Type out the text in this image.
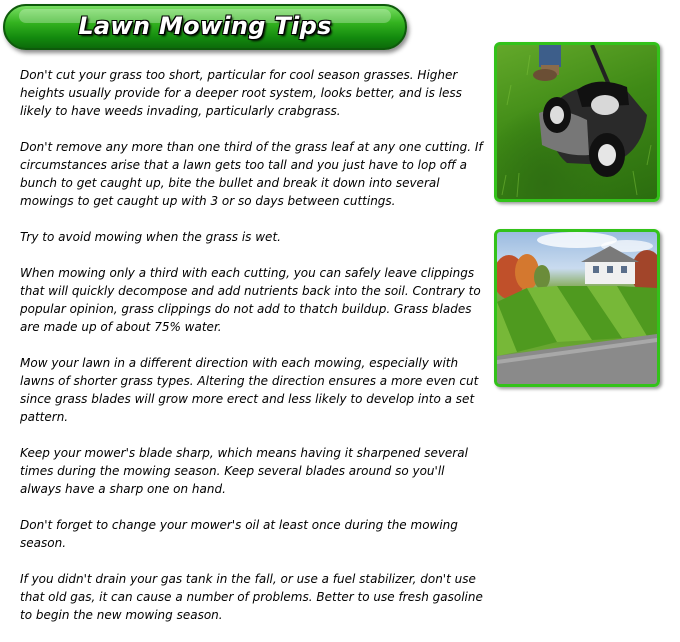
Lawn Mowing Tips

Don't cut your grass too short, particular for cool season grasses. Higher heights usually provide for a deeper root system, looks better, and is less likely to have weeds invading, particularly crabgrass.

Don't remove any more than one third of the grass leaf at any one cutting. If circumstances arise that a lawn gets too tall and you just have to lop off a bunch to get caught up, bite the bullet and break it down into several mowings to get caught up with 3 or so days between cuttings.

Try to avoid mowing when the grass is wet.

When mowing only a third with each cutting, you can safely leave clippings that will quickly decompose and add nutrients back into the soil. Contrary to popular opinion, grass clippings do not add to thatch buildup. Grass blades are made up of about 75% water.

Mow your lawn in a different direction with each mowing, especially with lawns of shorter grass types. Altering the direction ensures a more even cut since grass blades will grow more erect and less likely to develop into a set pattern.

Keep your mower's blade sharp, which means having it sharpened several times during the mowing season. Keep several blades around so you'll always have a sharp one on hand.

Don't forget to change your mower's oil at least once during the mowing season.

If you didn't drain your gas tank in the fall, or use a fuel stabilizer, don't use that old gas, it can cause a number of problems. Better to use fresh gasoline to begin the new mowing season.
